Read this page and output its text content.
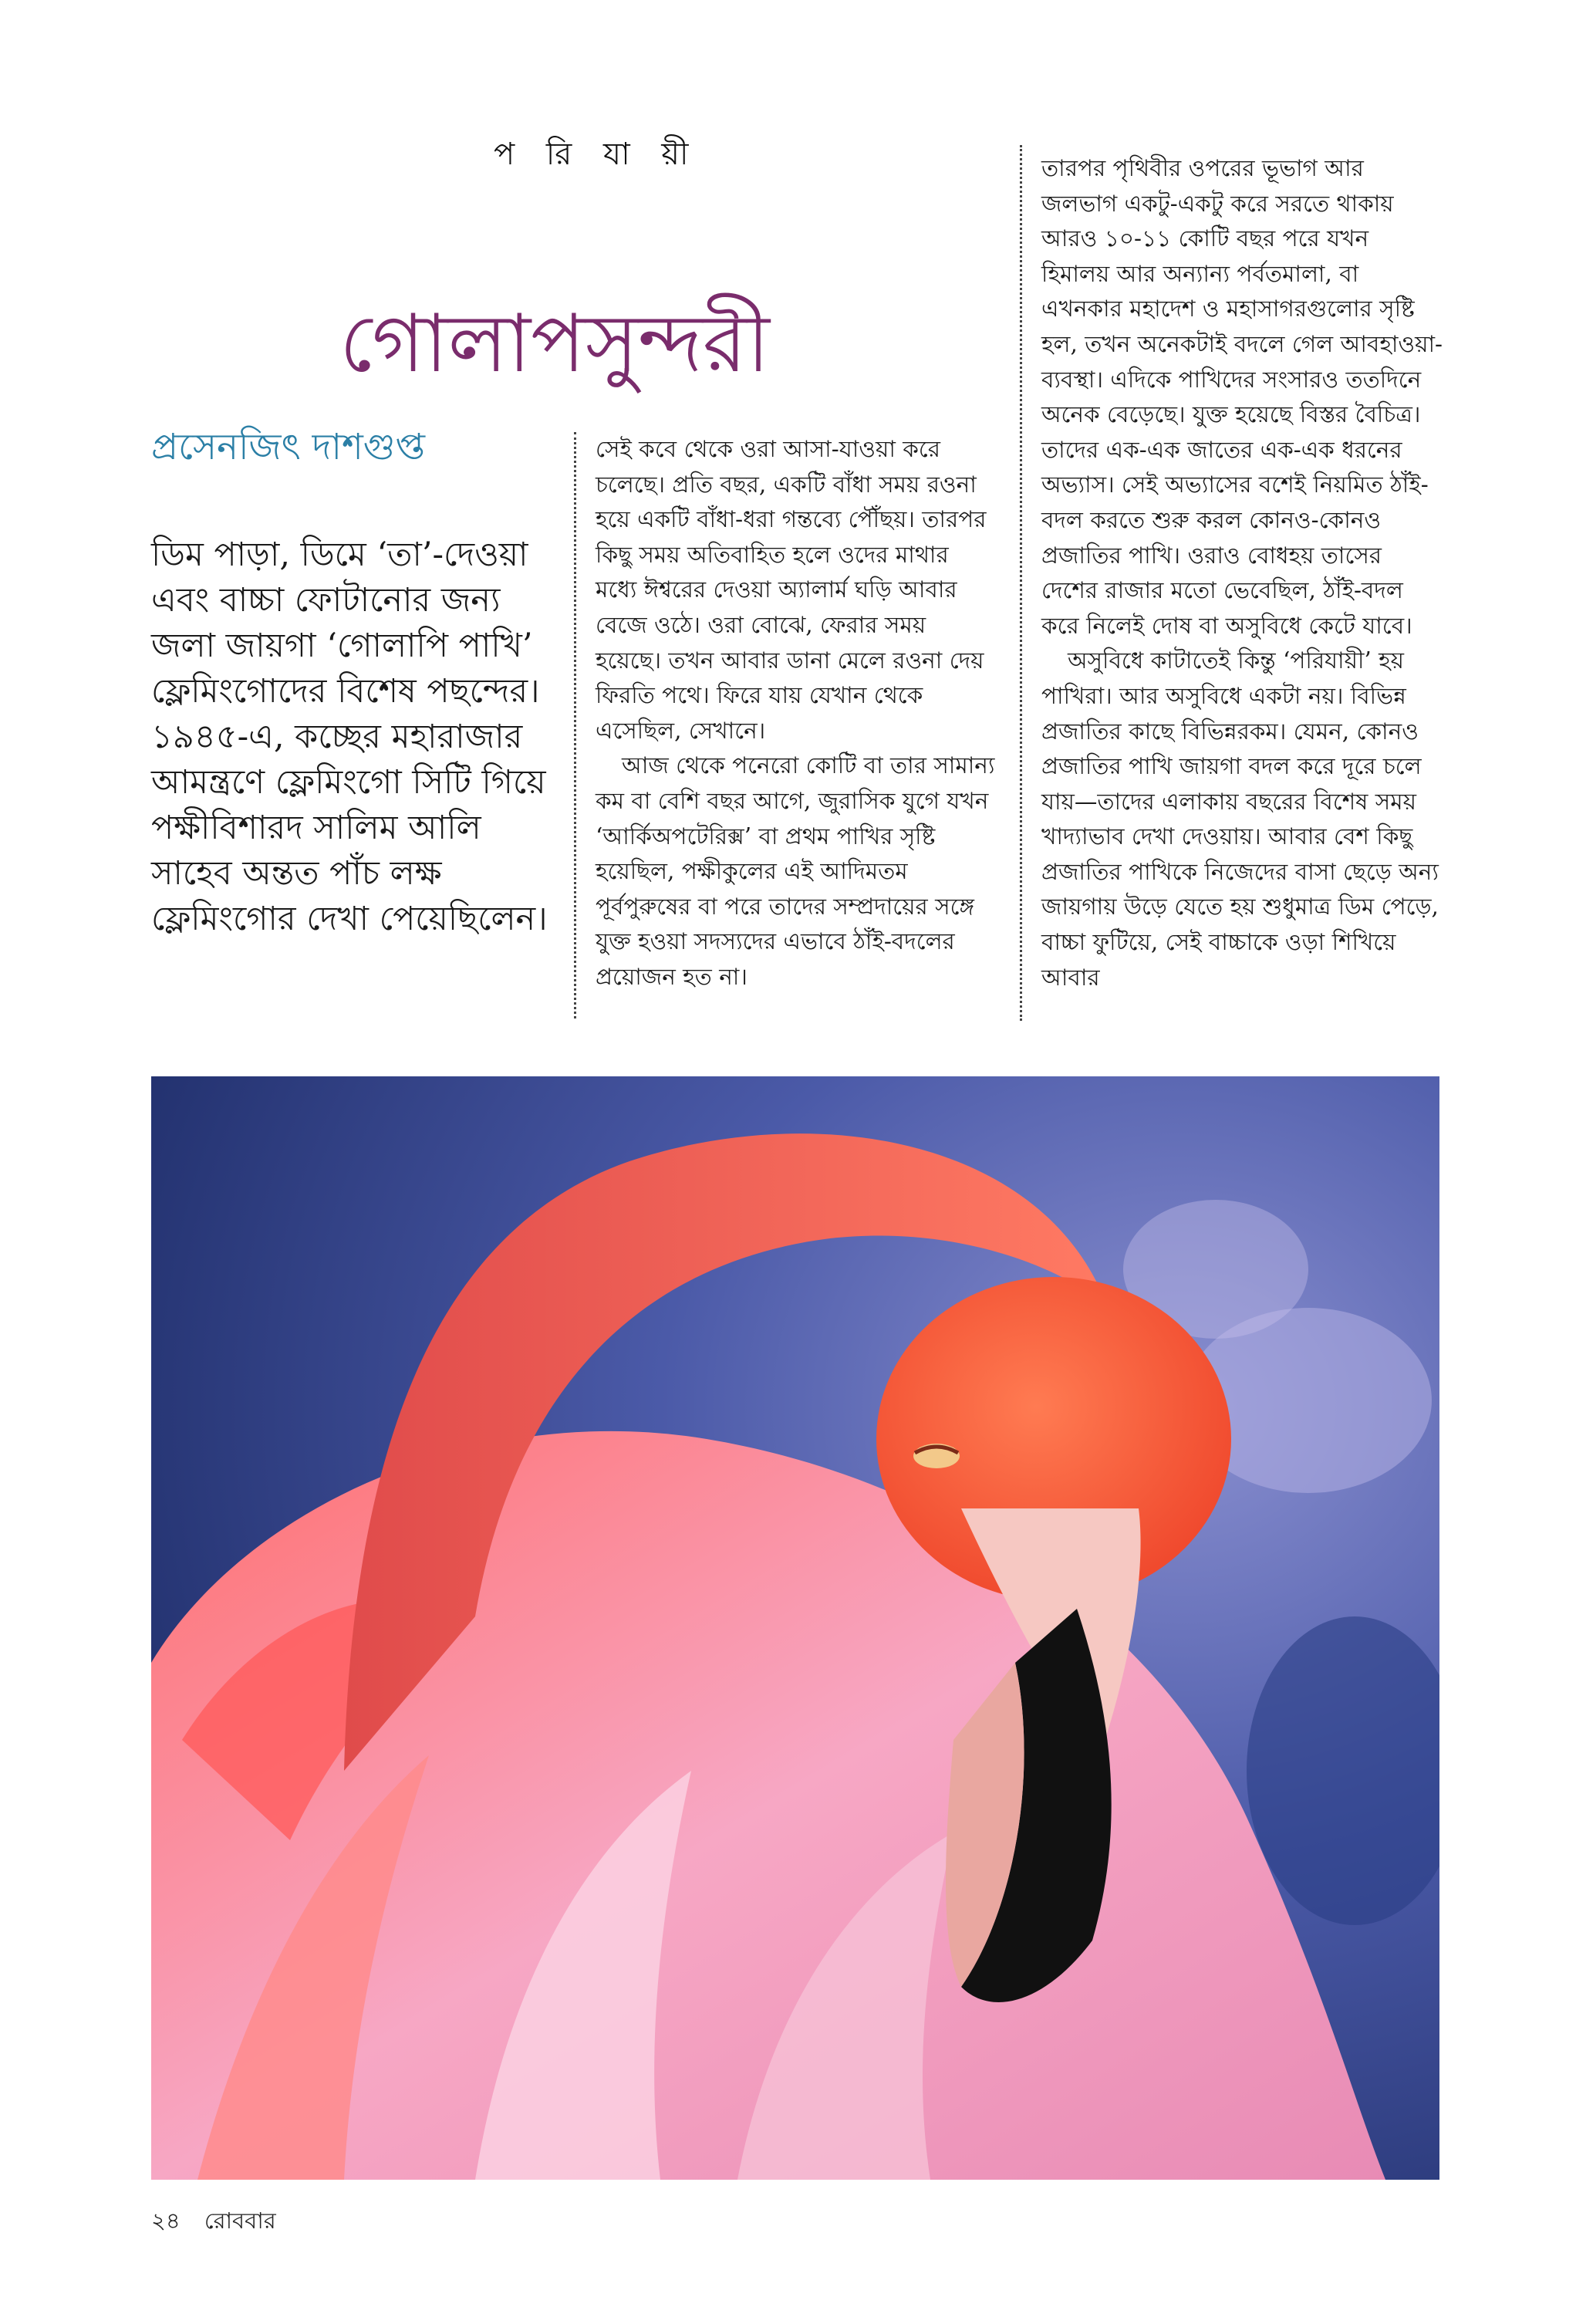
প রি যা য়ী
গোলাপসুন্দরী
প্রসেনজিৎ দাশগুপ্ত
ডিম পাড়া, ডিমে ‘তা’-দেওয়া এবং বাচ্চা ফোটানোর জন্য জলা জায়গা ‘গোলাপি পাখি’ ফ্লেমিংগোদের বিশেষ পছন্দের। ১৯৪৫-এ, কচ্ছের মহারাজার আমন্ত্রণে ফ্লেমিংগো সিটি গিয়ে পক্ষীবিশারদ সালিম আলি সাহেব অন্তত পাঁচ লক্ষ ফ্লেমিংগোর দেখা পেয়েছিলেন।

সেই কবে থেকে ওরা আসা-যাওয়া করে চলেছে। প্রতি বছর, একটি বাঁধা সময় রওনা হয়ে একটি বাঁধা-ধরা গন্তব্যে পৌঁছয়। তারপর কিছু সময় অতিবাহিত হলে ওদের মাথার মধ্যে ঈশ্বরের দেওয়া অ্যালার্ম ঘড়ি আবার বেজে ওঠে। ওরা বোঝে, ফেরার সময় হয়েছে। তখন আবার ডানা মেলে রওনা দেয় ফিরতি পথে। ফিরে যায় যেখান থেকে এসেছিল, সেখানে।

আজ থেকে পনেরো কোটি বা তার সামান্য কম বা বেশি বছর আগে, জুরাসিক যুগে যখন ‘আর্কিঅপটেরিক্স’ বা প্রথম পাখির সৃষ্টি হয়েছিল, পক্ষীকুলের এই আদিমতম পূর্বপুরুষের বা পরে তাদের সম্প্রদায়ের সঙ্গে যুক্ত হওয়া সদস্যদের এভাবে ঠাঁই-বদলের প্রয়োজন হত না।

তারপর পৃথিবীর ওপরের ভূভাগ আর জলভাগ একটু-একটু করে সরতে থাকায় আরও ১০-১১ কোটি বছর পরে যখন হিমালয় আর অন্যান্য পর্বতমালা, বা এখনকার মহাদেশ ও মহাসাগরগুলোর সৃষ্টি হল, তখন অনেকটাই বদলে গেল আবহাওয়া-ব্যবস্থা। এদিকে পাখিদের সংসারও ততদিনে অনেক বেড়েছে। যুক্ত হয়েছে বিস্তর বৈচিত্র। তাদের এক-এক জাতের এক-এক ধরনের অভ্যাস। সেই অভ্যাসের বশেই নিয়মিত ঠাঁই-বদল করতে শুরু করল কোনও-কোনও প্রজাতির পাখি। ওরাও বোধহয় তাসের দেশের রাজার মতো ভেবেছিল, ঠাঁই-বদল করে নিলেই দোষ বা অসুবিধে কেটে যাবে।

অসুবিধে কাটাতেই কিন্তু ‘পরিযায়ী’ হয় পাখিরা। আর অসুবিধে একটা নয়। বিভিন্ন প্রজাতির কাছে বিভিন্নরকম। যেমন, কোনও প্রজাতির পাখি জায়গা বদল করে দূরে চলে যায়—তাদের এলাকায় বছরের বিশেষ সময় খাদ্যাভাব দেখা দেওয়ায়। আবার বেশ কিছু প্রজাতির পাখিকে নিজেদের বাসা ছেড়ে অন্য জায়গায় উড়ে যেতে হয় শুধুমাত্র ডিম পেড়ে, বাচ্চা ফুটিয়ে, সেই বাচ্চাকে ওড়া শিখিয়ে আবার

২৪ রোববার
